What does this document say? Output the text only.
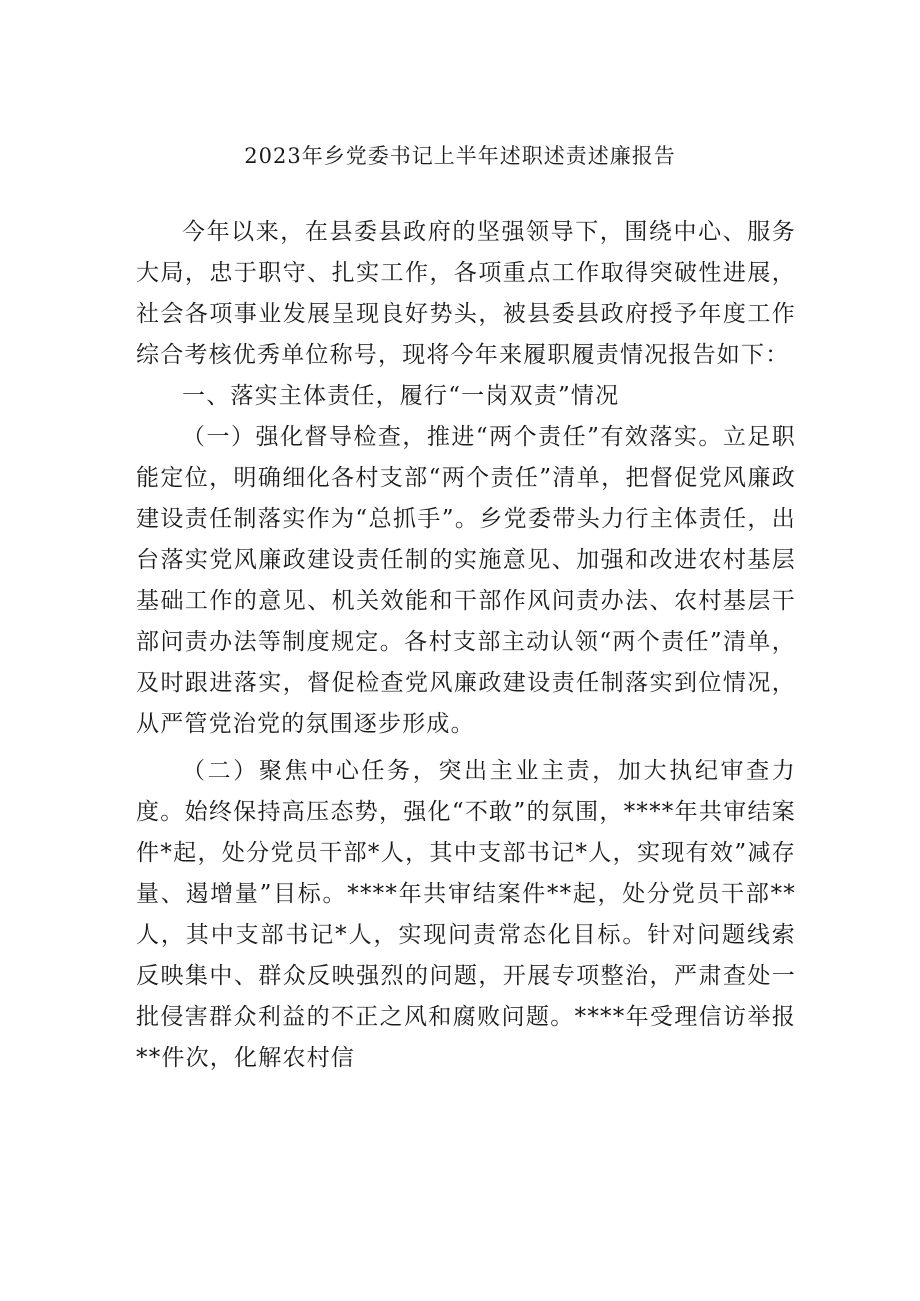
2023年乡党委书记上半年述职述责述廉报告

今年以来，在县委县政府的坚强领导下，围绕中心、服务大局，忠于职守、扎实工作，各项重点工作取得突破性进展，社会各项事业发展呈现良好势头，被县委县政府授予年度工作综合考核优秀单位称号，现将今年来履职履责情况报告如下：

一、落实主体责任，履行“一岗双责”情况

（一）强化督导检查，推进“两个责任”有效落实。立足职能定位，明确细化各村支部“两个责任”清单，把督促党风廉政建设责任制落实作为“总抓手”。乡党委带头力行主体责任，出台落实党风廉政建设责任制的实施意见、加强和改进农村基层基础工作的意见、机关效能和干部作风问责办法、农村基层干部问责办法等制度规定。各村支部主动认领“两个责任”清单，及时跟进落实，督促检查党风廉政建设责任制落实到位情况，从严管党治党的氛围逐步形成。

（二）聚焦中心任务，突出主业主责，加大执纪审查力度。始终保持高压态势，强化“不敢”的氛围，****年共审结案件*起，处分党员干部*人，其中支部书记*人，实现有效”减存量、遏增量”目标。****年共审结案件**起，处分党员干部**人，其中支部书记*人，实现问责常态化目标。针对问题线索反映集中、群众反映强烈的问题，开展专项整治，严肃查处一批侵害群众利益的不正之风和腐败问题。****年受理信访举报**件次，化解农村信
